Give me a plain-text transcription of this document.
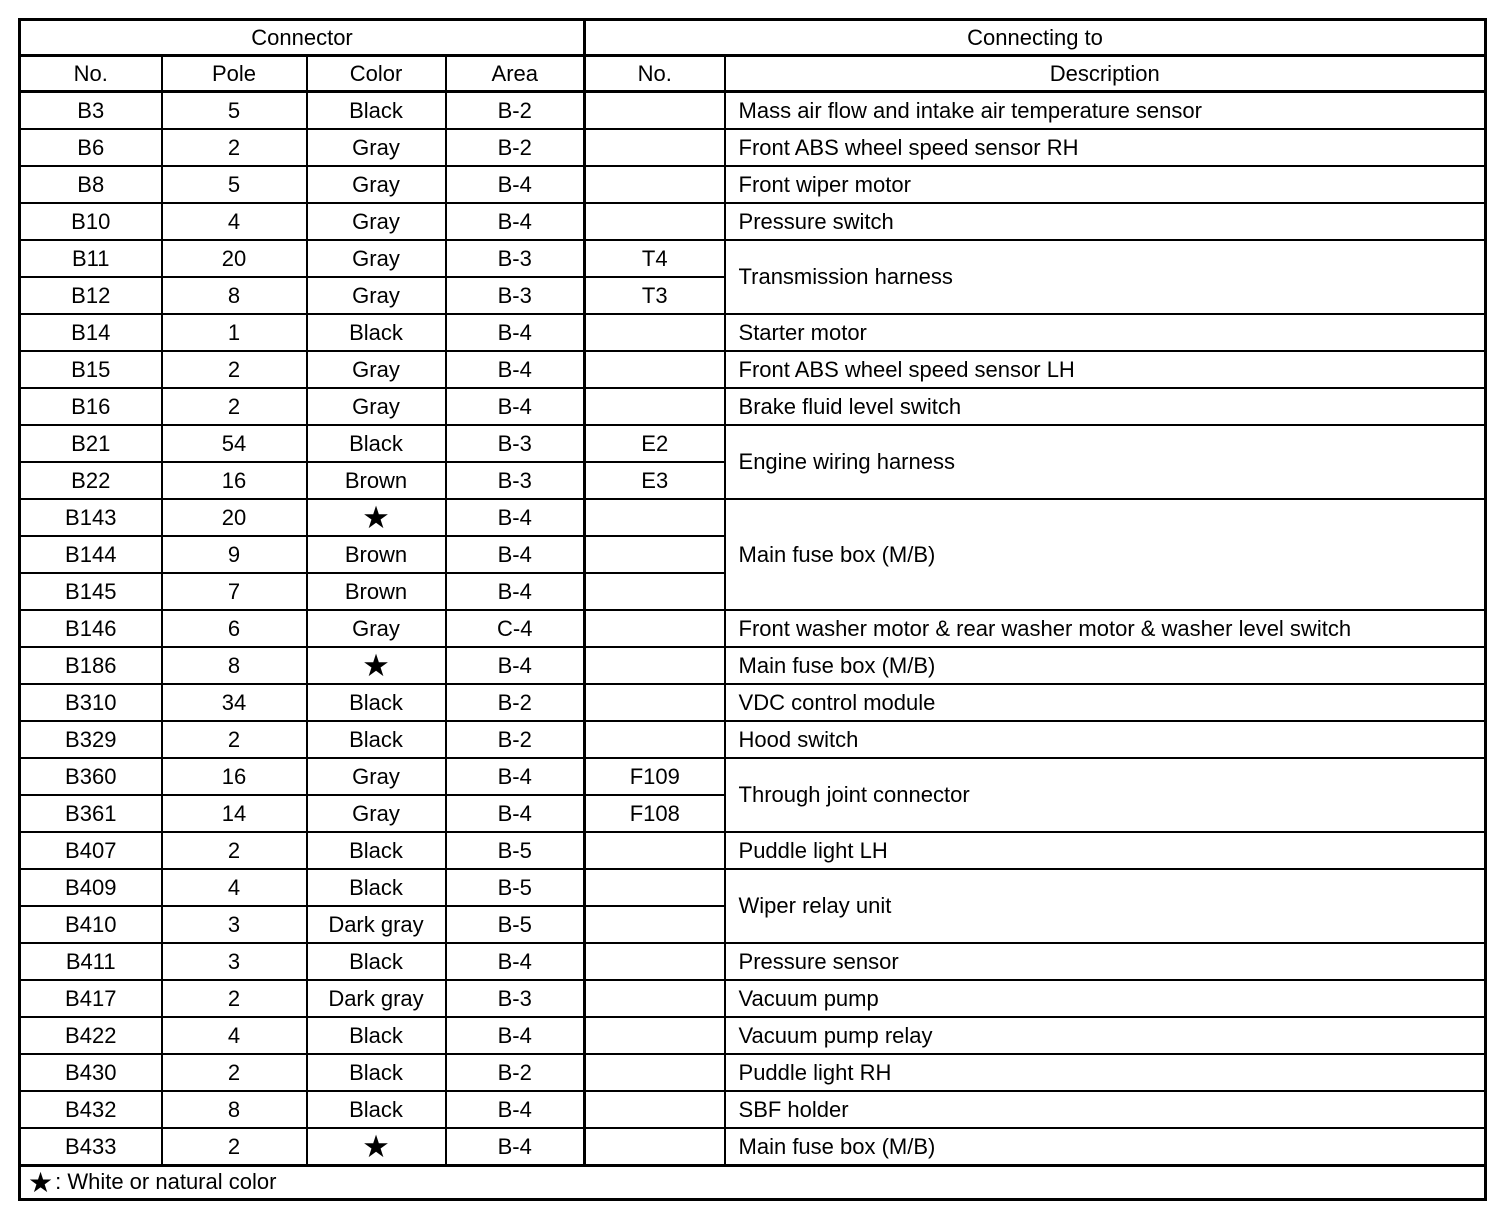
Connector				Connecting to	
No.	Pole	Color	Area	No.	Description
B3	5	Black	B-2		Mass air flow and intake air temperature sensor
B6	2	Gray	B-2		Front ABS wheel speed sensor RH
B8	5	Gray	B-4		Front wiper motor
B10	4	Gray	B-4		Pressure switch
B11	20	Gray	B-3	T4	Transmission harness
B12	8	Gray	B-3	T3	
B14	1	Black	B-4		Starter motor
B15	2	Gray	B-4		Front ABS wheel speed sensor LH
B16	2	Gray	B-4		Brake fluid level switch
B21	54	Black	B-3	E2	Engine wiring harness
B22	16	Brown	B-3	E3	
B143	20	★	B-4		Main fuse box (M/B)
B144	9	Brown	B-4		
B145	7	Brown	B-4		
B146	6	Gray	C-4		Front washer motor & rear washer motor & washer level switch
B186	8	★	B-4		Main fuse box (M/B)
B310	34	Black	B-2		VDC control module
B329	2	Black	B-2		Hood switch
B360	16	Gray	B-4	F109	Through joint connector
B361	14	Gray	B-4	F108	
B407	2	Black	B-5		Puddle light LH
B409	4	Black	B-5		Wiper relay unit
B410	3	Dark gray	B-5		
B411	3	Black	B-4		Pressure sensor
B417	2	Dark gray	B-3		Vacuum pump
B422	4	Black	B-4		Vacuum pump relay
B430	2	Black	B-2		Puddle light RH
B432	8	Black	B-4		SBF holder
B433	2	★	B-4		Main fuse box (M/B)
★: White or natural color					
